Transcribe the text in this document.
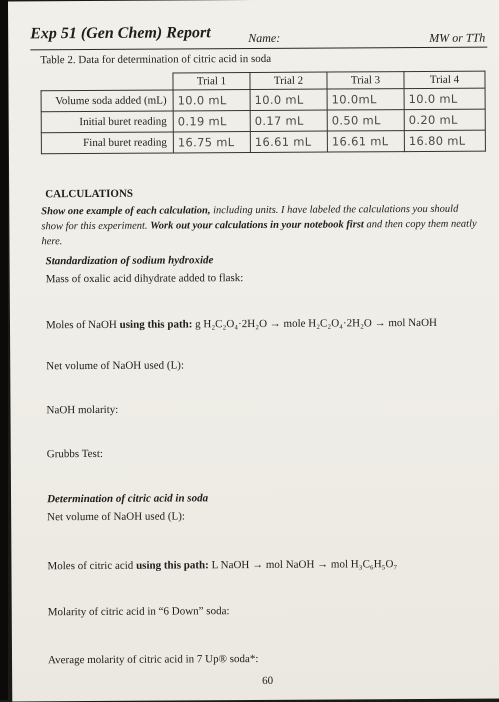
Exp 51 (Gen Chem) Report	Name:	MW or TTh
Table 2. Data for determination of citric acid in soda
	Trial 1	Trial 2	Trial 3	Trial 4
Volume soda added (mL)	10.0 mL	10.0 mL	10.0mL	10.0 mL
Initial buret reading	0.19 mL	0.17 mL	0.50 mL	0.20 mL
Final buret reading	16.75 mL	16.61 mL	16.61 mL	16.80 mL
CALCULATIONS
Show one example of each calculation, including units. I have labeled the calculations you should show for this experiment. Work out your calculations in your notebook first and then copy them neatly here.
Standardization of sodium hydroxide
Mass of oxalic acid dihydrate added to flask:
Moles of NaOH using this path: g H₂C₂O₄·2H₂O → mole H₂C₂O₄·2H₂O → mol NaOH
Net volume of NaOH used (L):
NaOH molarity:
Grubbs Test:
Determination of citric acid in soda
Net volume of NaOH used (L):
Moles of citric acid using this path: L NaOH → mol NaOH → mol H₃C₆H₅O₇
Molarity of citric acid in “6 Down” soda:
Average molarity of citric acid in 7 Up® soda*:
60
